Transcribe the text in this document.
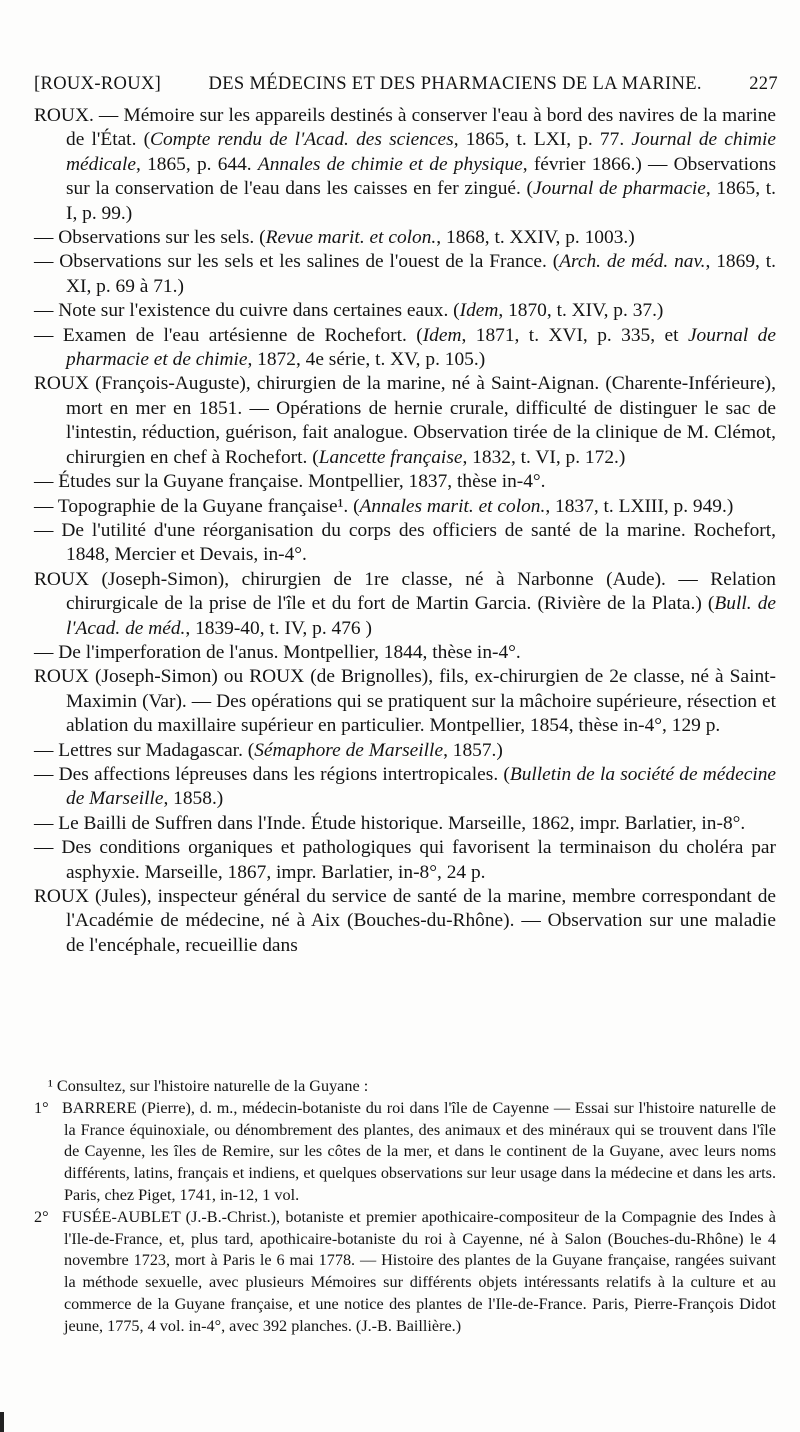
[ROUX-ROUX]	DES MÉDECINS ET DES PHARMACIENS DE LA MARINE.	227

ROUX. — Mémoire sur les appareils destinés à conserver l'eau à bord des navires de la marine de l'État. (Compte rendu de l'Acad. des sciences, 1865, t. LXI, p. 77. Journal de chimie médicale, 1865, p. 644. Annales de chimie et de physique, février 1866.) — Observations sur la conservation de l'eau dans les caisses en fer zingué. (Journal de pharmacie, 1865, t. I, p. 99.)

— Observations sur les sels. (Revue marit. et colon., 1868, t. XXIV, p. 1003.)

— Observations sur les sels et les salines de l'ouest de la France. (Arch. de méd. nav., 1869, t. XI, p. 69 à 71.)

— Note sur l'existence du cuivre dans certaines eaux. (Idem, 1870, t. XIV, p. 37.)

— Examen de l'eau artésienne de Rochefort. (Idem, 1871, t. XVI, p. 335, et Journal de pharmacie et de chimie, 1872, 4e série, t. XV, p. 105.)

ROUX (François-Auguste), chirurgien de la marine, né à Saint-Aignan. (Charente-Inférieure), mort en mer en 1851. — Opérations de hernie crurale, difficulté de distinguer le sac de l'intestin, réduction, guérison, fait analogue. Observation tirée de la clinique de M. Clémot, chirurgien en chef à Rochefort. (Lancette française, 1832, t. VI, p. 172.)

— Études sur la Guyane française. Montpellier, 1837, thèse in-4°.

— Topographie de la Guyane française¹. (Annales marit. et colon., 1837, t. LXIII, p. 949.)

— De l'utilité d'une réorganisation du corps des officiers de santé de la marine. Rochefort, 1848, Mercier et Devais, in-4°.

ROUX (Joseph-Simon), chirurgien de 1re classe, né à Narbonne (Aude). — Relation chirurgicale de la prise de l'île et du fort de Martin Garcia. (Rivière de la Plata.) (Bull. de l'Acad. de méd., 1839-40, t. IV, p. 476 )

— De l'imperforation de l'anus. Montpellier, 1844, thèse in-4°.

ROUX (Joseph-Simon) ou ROUX (de Brignolles), fils, ex-chirurgien de 2e classe, né à Saint-Maximin (Var). — Des opérations qui se pratiquent sur la mâchoire supérieure, résection et ablation du maxillaire supérieur en particulier. Montpellier, 1854, thèse in-4°, 129 p.

— Lettres sur Madagascar. (Sémaphore de Marseille, 1857.)

— Des affections lépreuses dans les régions intertropicales. (Bulletin de la société de médecine de Marseille, 1858.)

— Le Bailli de Suffren dans l'Inde. Étude historique. Marseille, 1862, impr. Barlatier, in-8°.

— Des conditions organiques et pathologiques qui favorisent la terminaison du choléra par asphyxie. Marseille, 1867, impr. Barlatier, in-8°, 24 p.

ROUX (Jules), inspecteur général du service de santé de la marine, membre correspondant de l'Académie de médecine, né à Aix (Bouches-du-Rhône). — Observation sur une maladie de l'encéphale, recueillie dans

¹ Consultez, sur l'histoire naturelle de la Guyane :

1° BARRERE (Pierre), d. m., médecin-botaniste du roi dans l'île de Cayenne — Essai sur l'histoire naturelle de la France équinoxiale, ou dénombrement des plantes, des animaux et des minéraux qui se trouvent dans l'île de Cayenne, les îles de Remire, sur les côtes de la mer, et dans le continent de la Guyane, avec leurs noms différents, latins, français et indiens, et quelques observations sur leur usage dans la médecine et dans les arts. Paris, chez Piget, 1741, in-12, 1 vol.

2° FUSÉE-AUBLET (J.-B.-Christ.), botaniste et premier apothicaire-compositeur de la Compagnie des Indes à l'Ile-de-France, et, plus tard, apothicaire-botaniste du roi à Cayenne, né à Salon (Bouches-du-Rhône) le 4 novembre 1723, mort à Paris le 6 mai 1778. — Histoire des plantes de la Guyane française, rangées suivant la méthode sexuelle, avec plusieurs Mémoires sur différents objets intéressants relatifs à la culture et au commerce de la Guyane française, et une notice des plantes de l'Ile-de-France. Paris, Pierre-François Didot jeune, 1775, 4 vol. in-4°, avec 392 planches. (J.-B. Baillière.)
